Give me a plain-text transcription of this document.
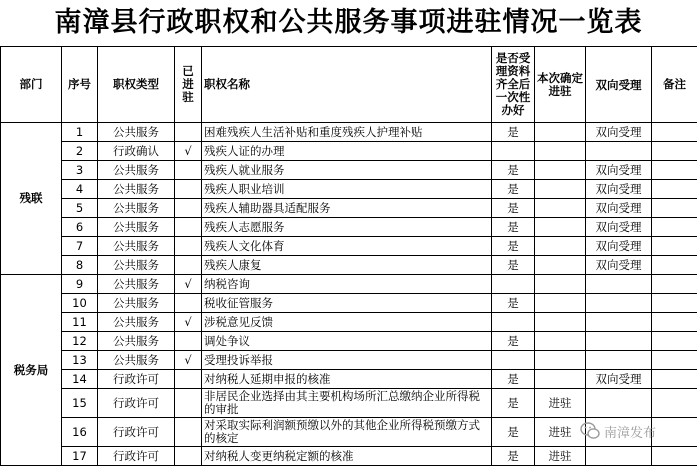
南漳县行政职权和公共服务事项进驻情况一览表
部门	序号	职权类型	已进驻	职权名称	是否受理资料齐全后一次性办好	本次确定进驻	双向受理	备注
残联	1	公共服务		困难残疾人生活补贴和重度残疾人护理补贴	是		双向受理	
	2	行政确认	√	残疾人证的办理				
	3	公共服务		残疾人就业服务	是		双向受理	
	4	公共服务		残疾人职业培训	是		双向受理	
	5	公共服务		残疾人辅助器具适配服务	是		双向受理	
	6	公共服务		残疾人志愿服务	是		双向受理	
	7	公共服务		残疾人文化体育	是		双向受理	
	8	公共服务		残疾人康复	是		双向受理	
税务局	9	公共服务	√	纳税咨询				
	10	公共服务		税收征管服务	是			
	11	公共服务	√	涉税意见反馈				
	12	公共服务		调处争议	是			
	13	公共服务	√	受理投诉举报				
	14	行政许可		对纳税人延期申报的核准	是		双向受理	
	15	行政许可		非居民企业选择由其主要机构场所汇总缴纳企业所得税的审批	是	进驻		
	16	行政许可		对采取实际利润额预缴以外的其他企业所得税预缴方式的核定	是	进驻		
	17	行政许可		对纳税人变更纳税定额的核准	是	进驻		
南漳发布
